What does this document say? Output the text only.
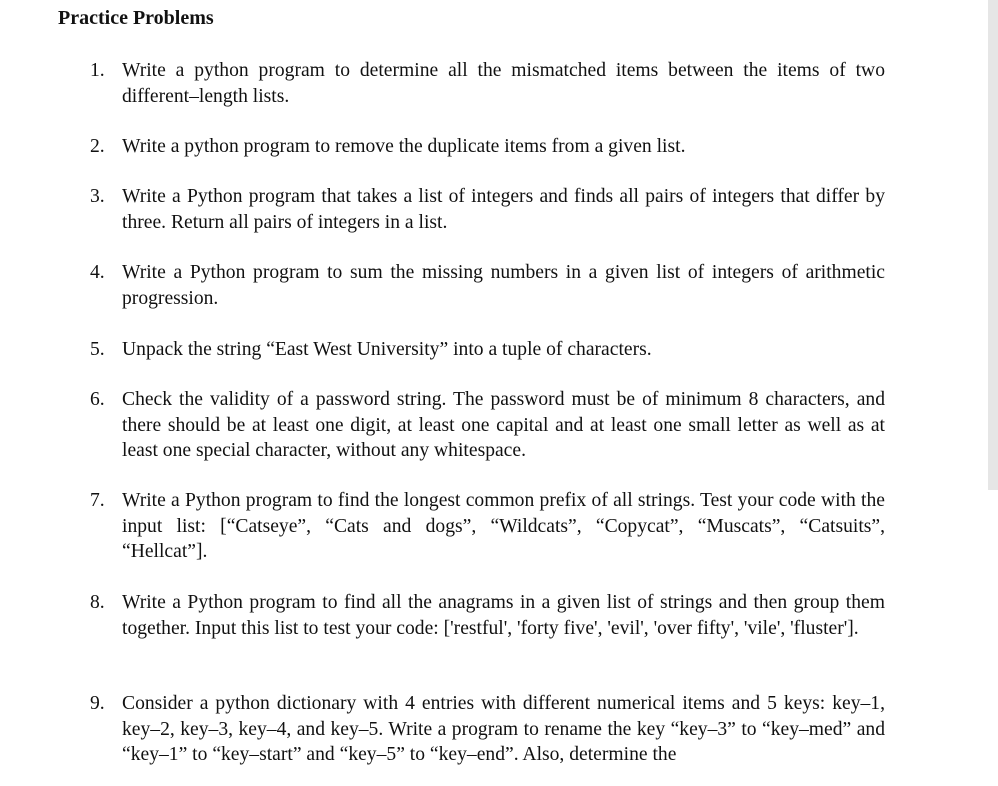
Practice Problems
1. Write a python program to determine all the mismatched items between the items of two different–length lists.
2. Write a python program to remove the duplicate items from a given list.
3. Write a Python program that takes a list of integers and finds all pairs of integers that differ by three. Return all pairs of integers in a list.
4. Write a Python program to sum the missing numbers in a given list of integers of arithmetic progression.
5. Unpack the string “East West University” into a tuple of characters.
6. Check the validity of a password string. The password must be of minimum 8 characters, and there should be at least one digit, at least one capital and at least one small letter as well as at least one special character, without any whitespace.
7. Write a Python program to find the longest common prefix of all strings. Test your code with the input list: [“Catseye”, “Cats and dogs”, “Wildcats”, “Copycat”, “Muscats”, “Catsuits”, “Hellcat”].
8. Write a Python program to find all the anagrams in a given list of strings and then group them together. Input this list to test your code: ['restful', 'forty five', 'evil', 'over fifty', 'vile', 'fluster'].
9. Consider a python dictionary with 4 entries with different numerical items and 5 keys: key–1, key–2, key–3, key–4, and key–5. Write a program to rename the key “key–3” to “key–med” and “key–1” to “key–start” and “key–5” to “key–end”. Also, determine the
